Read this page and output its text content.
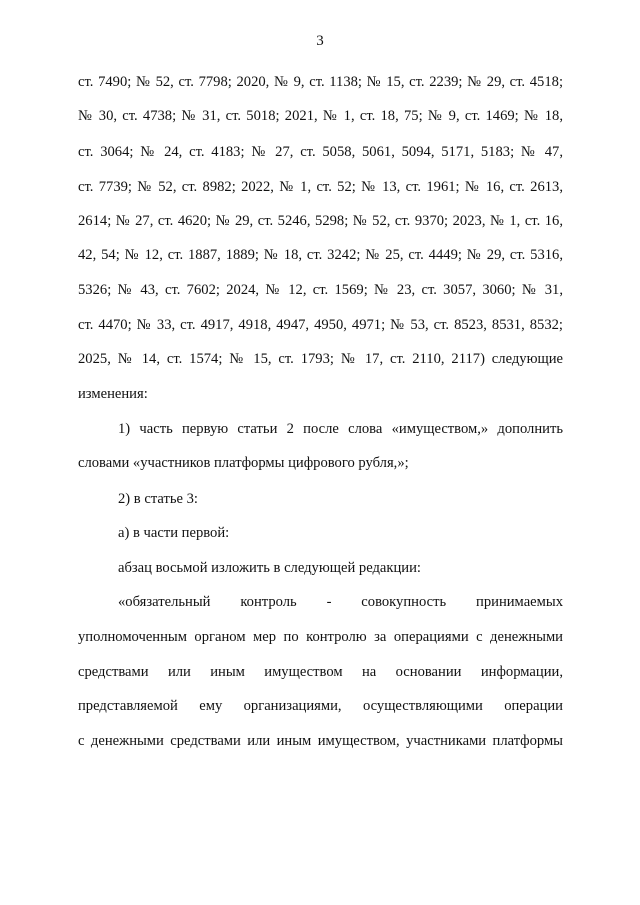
3
ст. 7490; № 52, ст. 7798; 2020, № 9, ст. 1138; № 15, ст. 2239; № 29, ст. 4518;
№ 30, ст. 4738; № 31, ст. 5018; 2021, № 1, ст. 18, 75; № 9, ст. 1469; № 18,
ст. 3064; № 24, ст. 4183; № 27, ст. 5058, 5061, 5094, 5171, 5183; № 47,
ст. 7739; № 52, ст. 8982; 2022, № 1, ст. 52; № 13, ст. 1961; № 16, ст. 2613,
2614; № 27, ст. 4620; № 29, ст. 5246, 5298; № 52, ст. 9370; 2023, № 1, ст. 16,
42, 54; № 12, ст. 1887, 1889; № 18, ст. 3242; № 25, ст. 4449; № 29, ст. 5316,
5326; № 43, ст. 7602; 2024, № 12, ст. 1569; № 23, ст. 3057, 3060; № 31,
ст. 4470; № 33, ст. 4917, 4918, 4947, 4950, 4971; № 53, ст. 8523, 8531, 8532;
2025, № 14, ст. 1574; № 15, ст. 1793; № 17, ст. 2110, 2117) следующие
изменения:
1) часть первую статьи 2 после слова «имуществом,» дополнить
словами «участников платформы цифрового рубля,»;
2) в статье 3:
а) в части первой:
абзац восьмой изложить в следующей редакции:
«обязательный контроль - совокупность принимаемых
уполномоченным органом мер по контролю за операциями с денежными
средствами или иным имуществом на основании информации,
представляемой ему организациями, осуществляющими операции
с денежными средствами или иным имуществом, участниками платформы
